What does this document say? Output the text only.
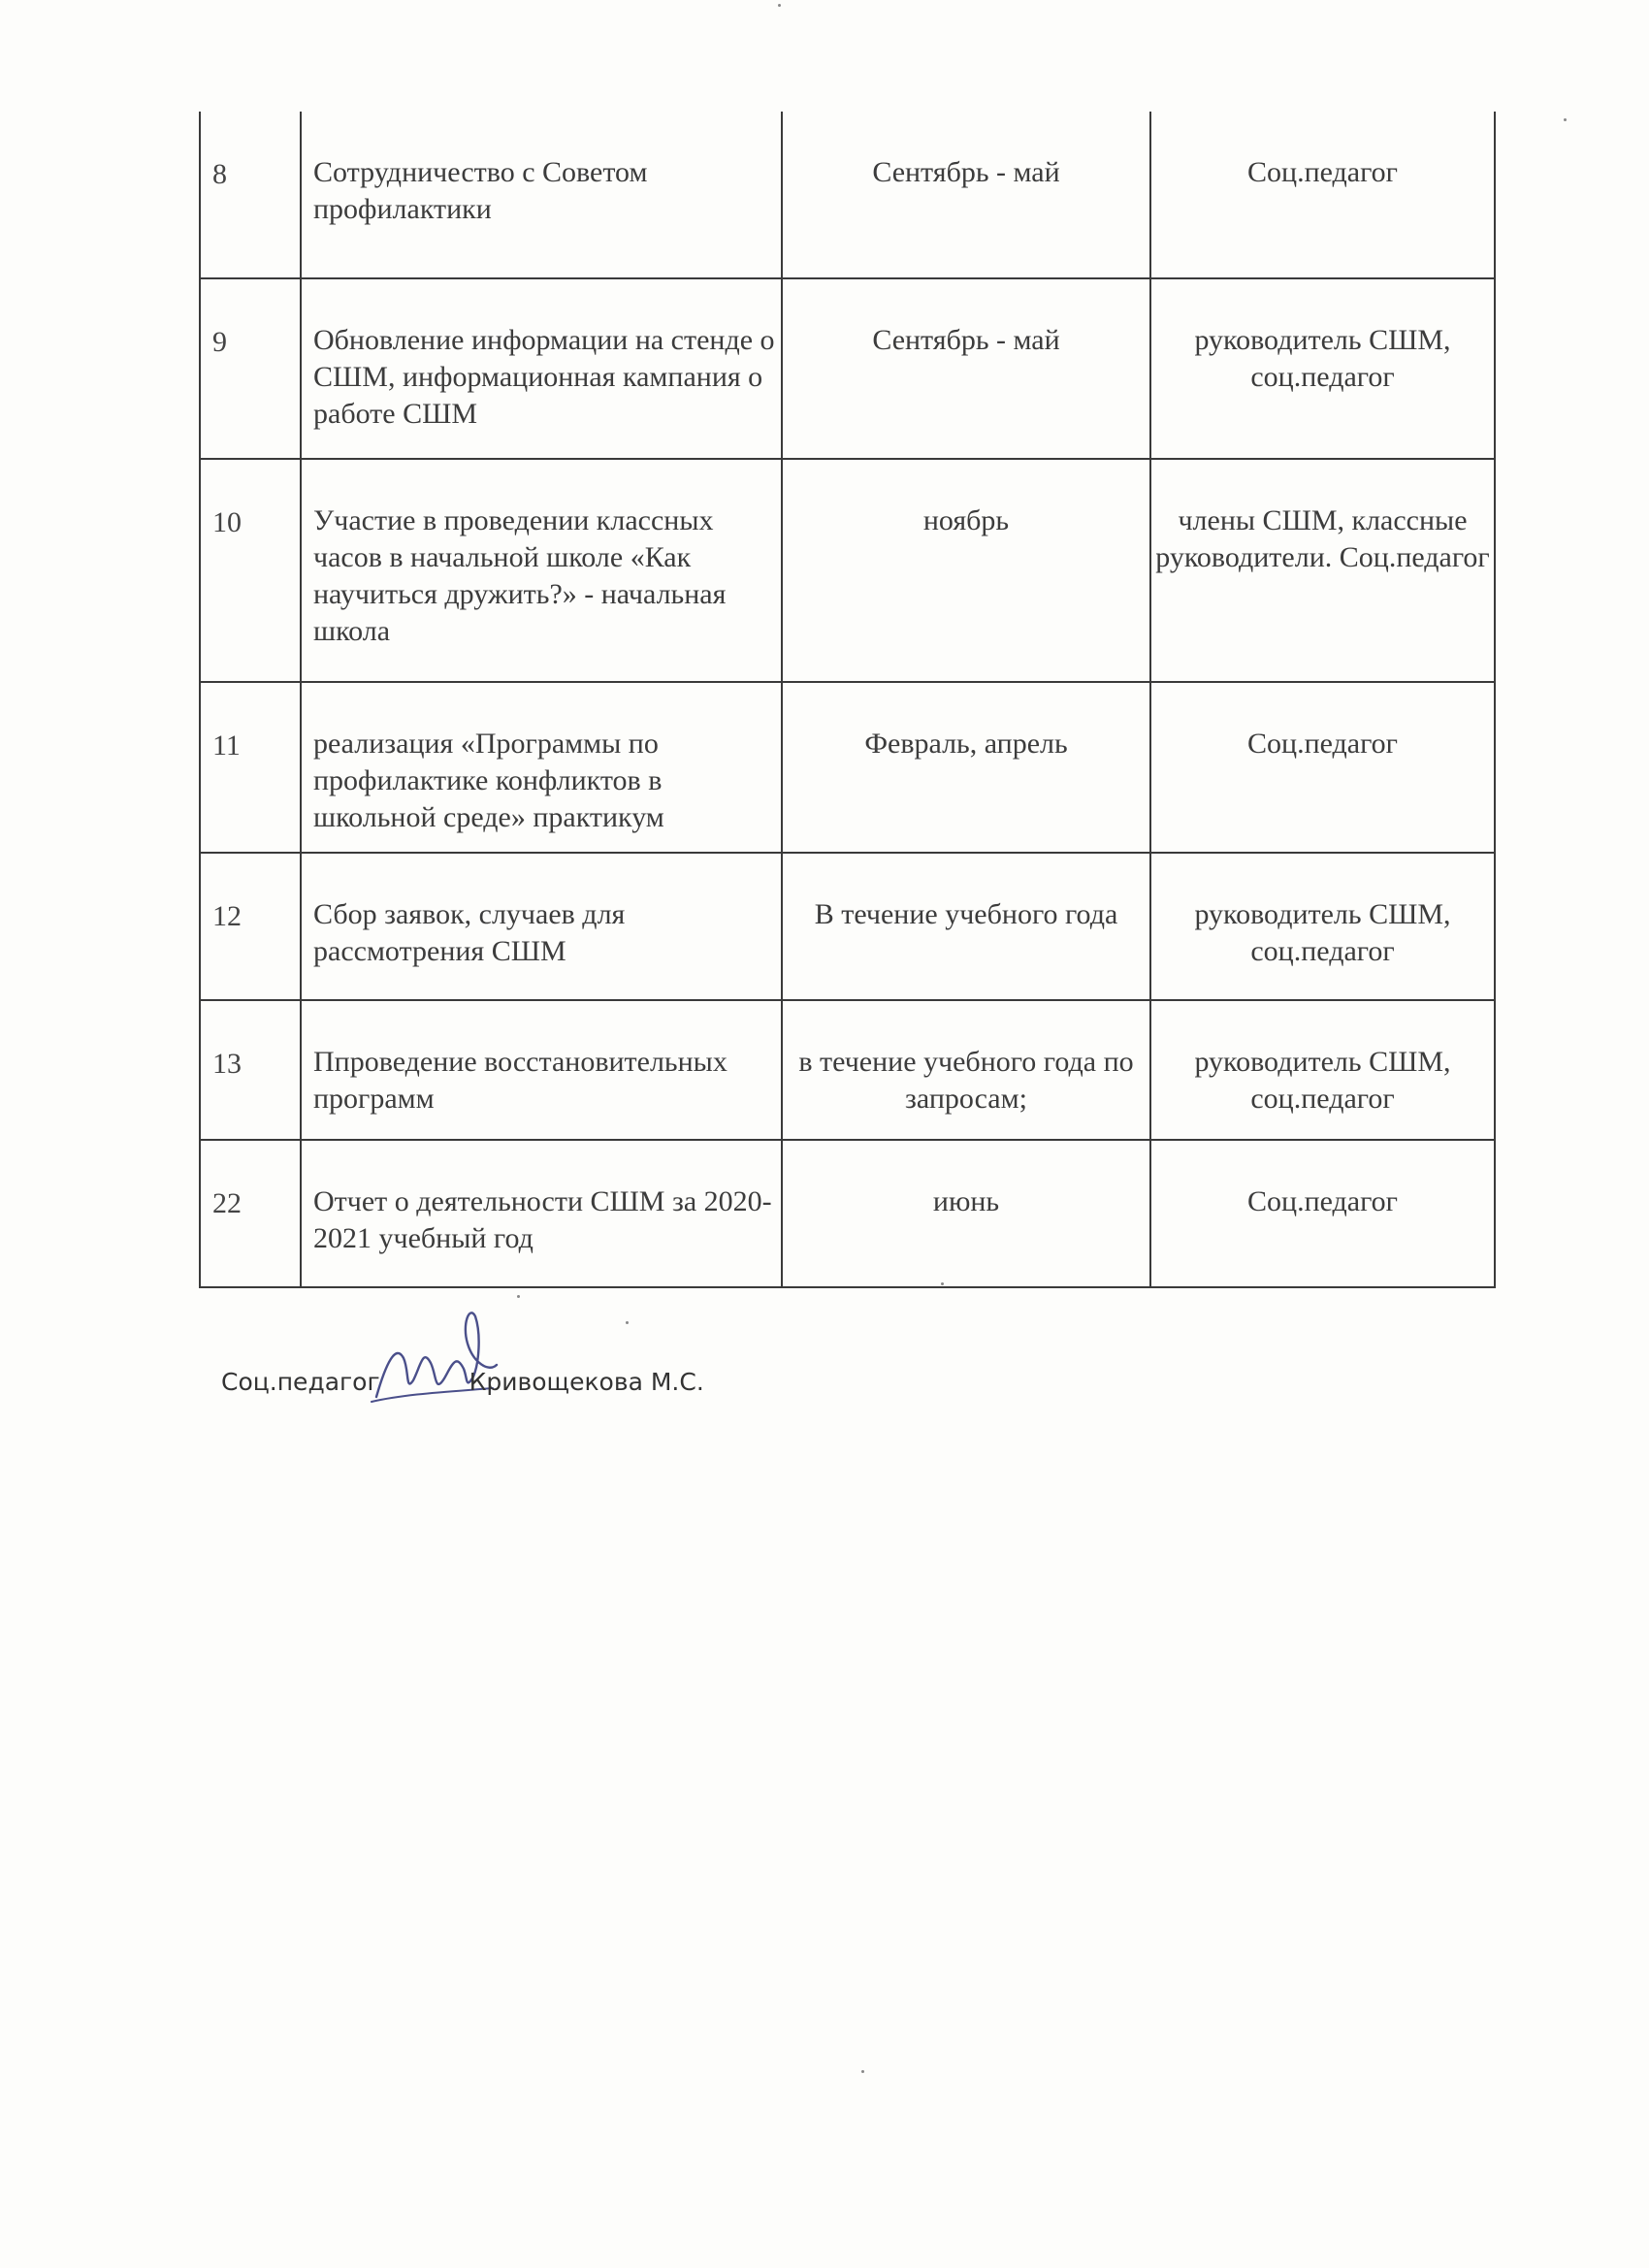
8	Сотрудничество с Советом профилактики	Сентябрь - май	Соц.педагог
9	Обновление информации на стенде о СШМ, информационная кампания о работе СШМ	Сентябрь - май	руководитель СШМ, соц.педагог
10	Участие в проведении классных часов в начальной школе «Как научиться дружить?» - начальная школа	ноябрь	члены СШМ, классные руководители. Соц.педагог
11	реализация «Программы по профилактике конфликтов в школьной среде» практикум	Февраль, апрель	Соц.педагог
12	Сбор заявок, случаев для рассмотрения СШМ	В течение учебного года	руководитель СШМ, соц.педагог
13	Ппроведение восстановительных программ	в течение учебного года по запросам;	руководитель СШМ, соц.педагог
22	Отчет о деятельности СШМ за 2020-2021 учебный год	июнь	Соц.педагог
Соц.педагог	Кривощекова М.С.
